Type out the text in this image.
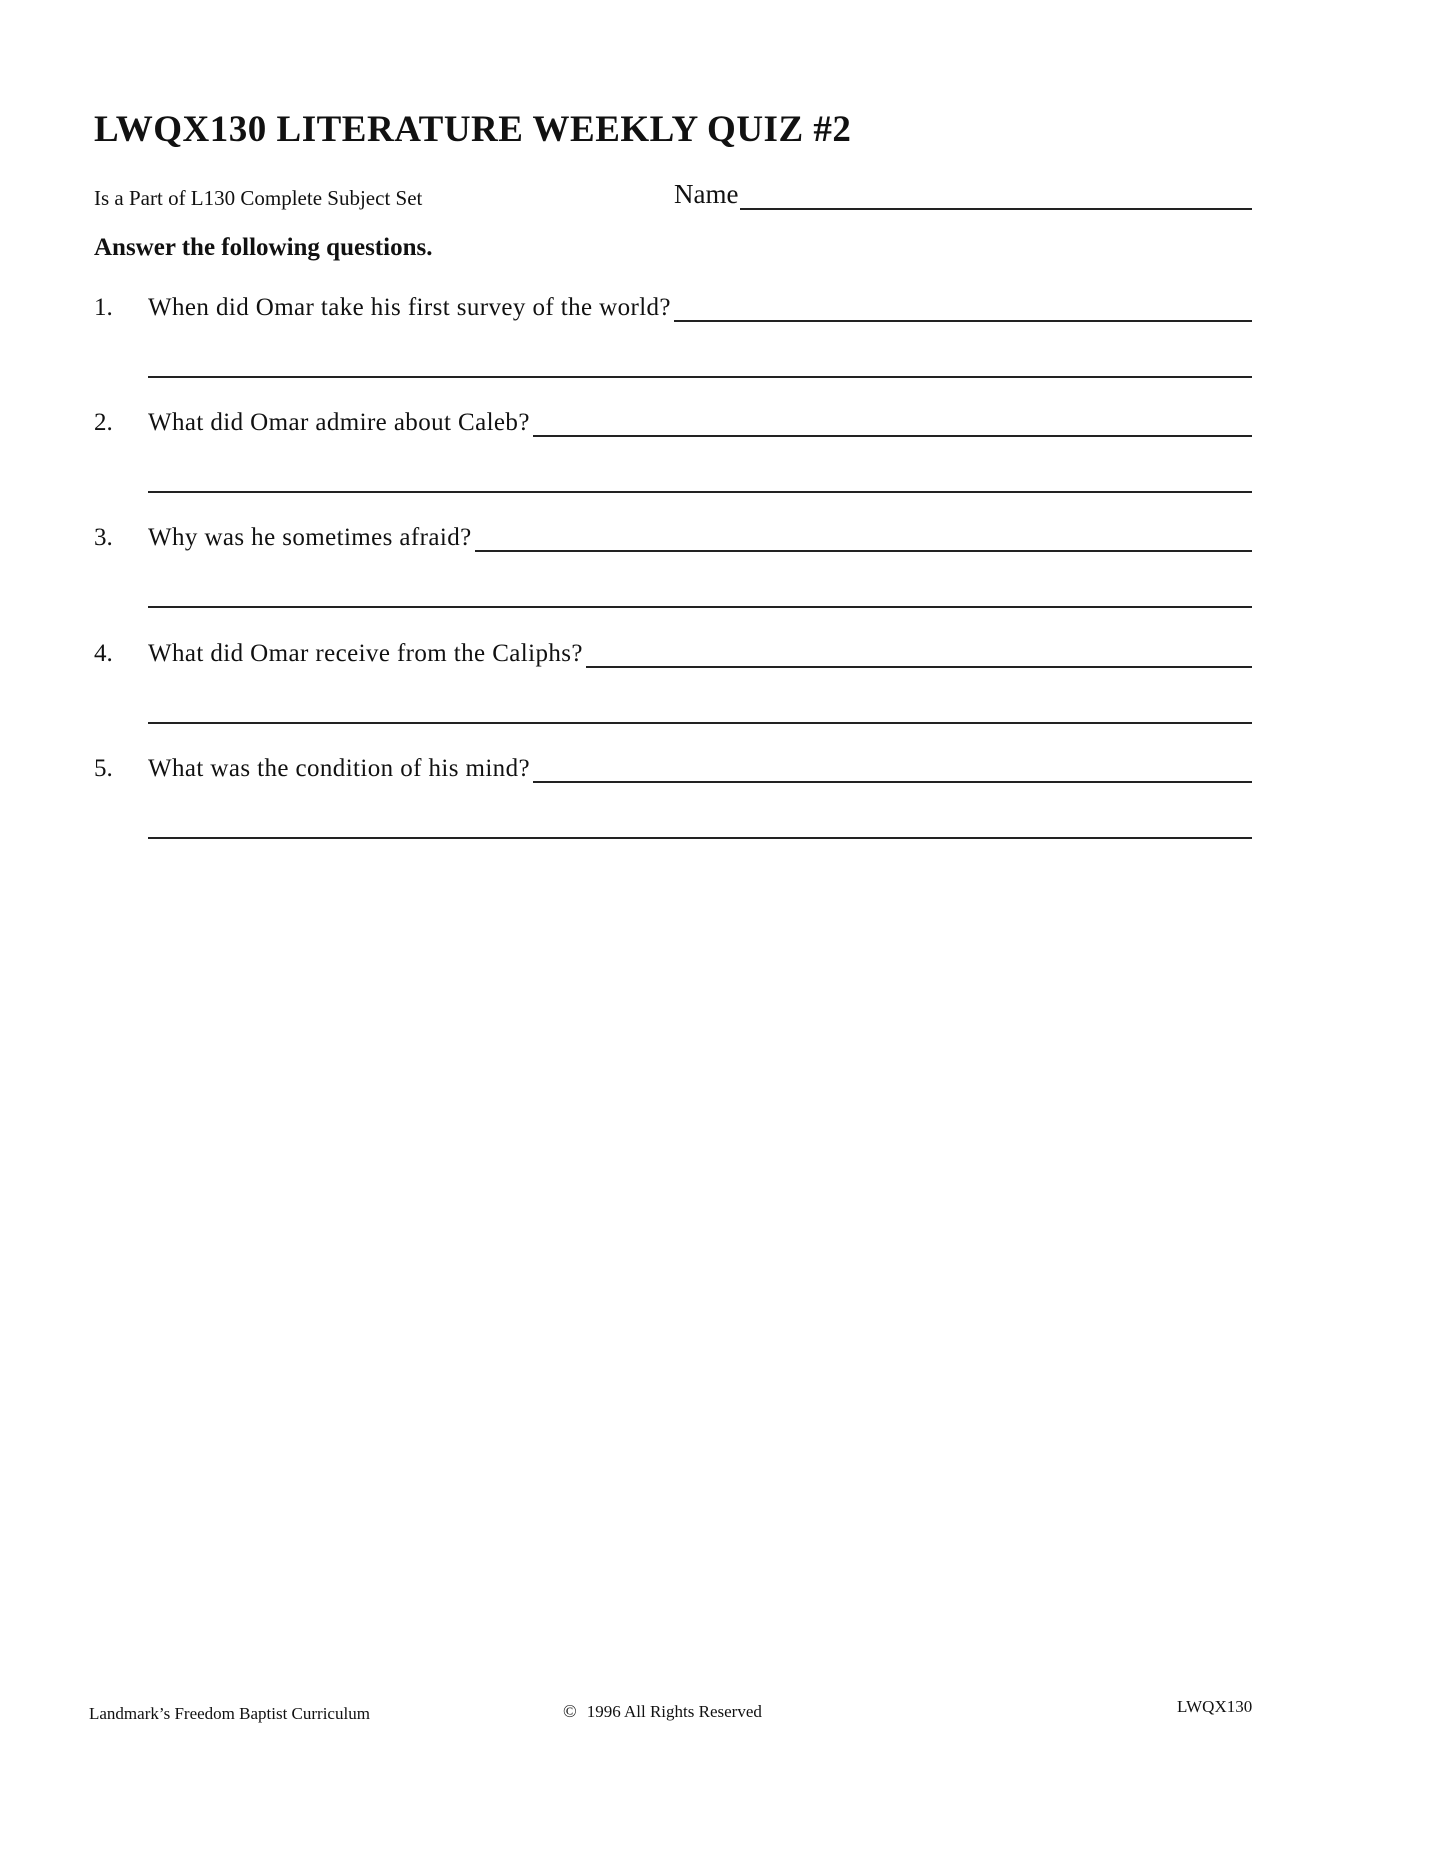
LWQX130 LITERATURE WEEKLY QUIZ #2
Is a Part of L130 Complete Subject Set	Name
Answer the following questions.
1.	When did Omar take his first survey of the world?
2.	What did Omar admire about Caleb?
3.	Why was he sometimes afraid?
4.	What did Omar receive from the Caliphs?
5.	What was the condition of his mind?
Landmark’s Freedom Baptist Curriculum	© 1996 All Rights Reserved	LWQX130
